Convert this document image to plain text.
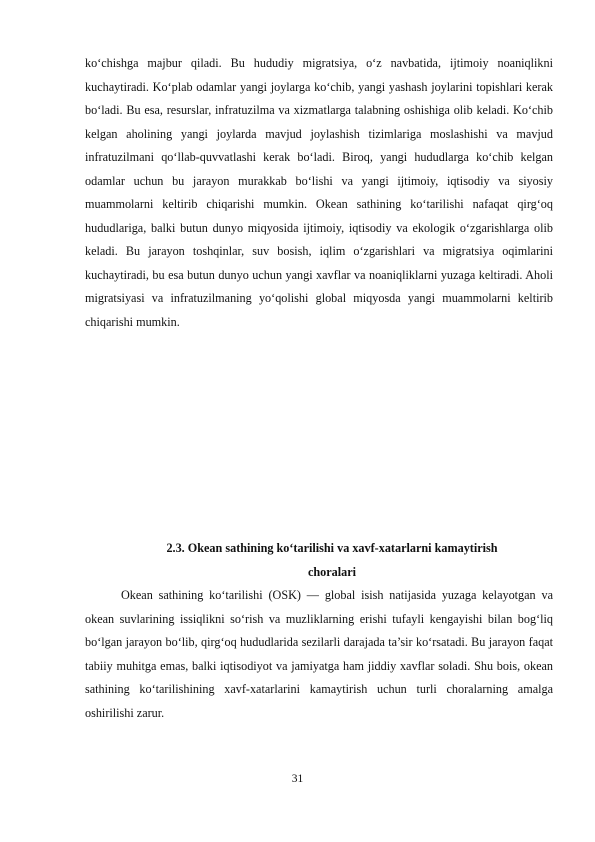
ko‘chishga majbur qiladi. Bu hududiy migratsiya, o‘z navbatida, ijtimoiy noaniqlikni kuchaytiradi. Ko‘plab odamlar yangi joylarga ko‘chib, yangi yashash joylarini topishlari kerak bo‘ladi. Bu esa, resurslar, infratuzilma va xizmatlarga talabning oshishiga olib keladi. Ko‘chib kelgan aholining yangi joylarda mavjud joylashish tizimlariga moslashishi va mavjud infratuzilmani qo‘llab-quvvatlashi kerak bo‘ladi. Biroq, yangi hududlarga ko‘chib kelgan odamlar uchun bu jarayon murakkab bo‘lishi va yangi ijtimoiy, iqtisodiy va siyosiy muammolarni keltirib chiqarishi mumkin. Okean sathining ko‘tarilishi nafaqat qirg‘oq hududlariga, balki butun dunyo miqyosida ijtimoiy, iqtisodiy va ekologik o‘zgarishlarga olib keladi. Bu jarayon toshqinlar, suv bosish, iqlim o‘zgarishlari va migratsiya oqimlarini kuchaytiradi, bu esa butun dunyo uchun yangi xavflar va noaniqliklarni yuzaga keltiradi. Aholi migratsiyasi va infratuzilmaning yo‘qolishi global miqyosda yangi muammolarni keltirib chiqarishi mumkin.

2.3. Okean sathining ko‘tarilishi va xavf-xatarlarni kamaytirish
choralari

Okean sathining ko‘tarilishi (OSK) — global isish natijasida yuzaga kelayotgan va okean suvlarining issiqlikni so‘rish va muzliklarning erishi tufayli kengayishi bilan bog‘liq bo‘lgan jarayon bo‘lib, qirg‘oq hududlarida sezilarli darajada ta’sir ko‘rsatadi. Bu jarayon faqat tabiiy muhitga emas, balki iqtisodiyot va jamiyatga ham jiddiy xavflar soladi. Shu bois, okean sathining ko‘tarilishining xavf-xatarlarini kamaytirish uchun turli choralarning amalga oshirilishi zarur.

31
